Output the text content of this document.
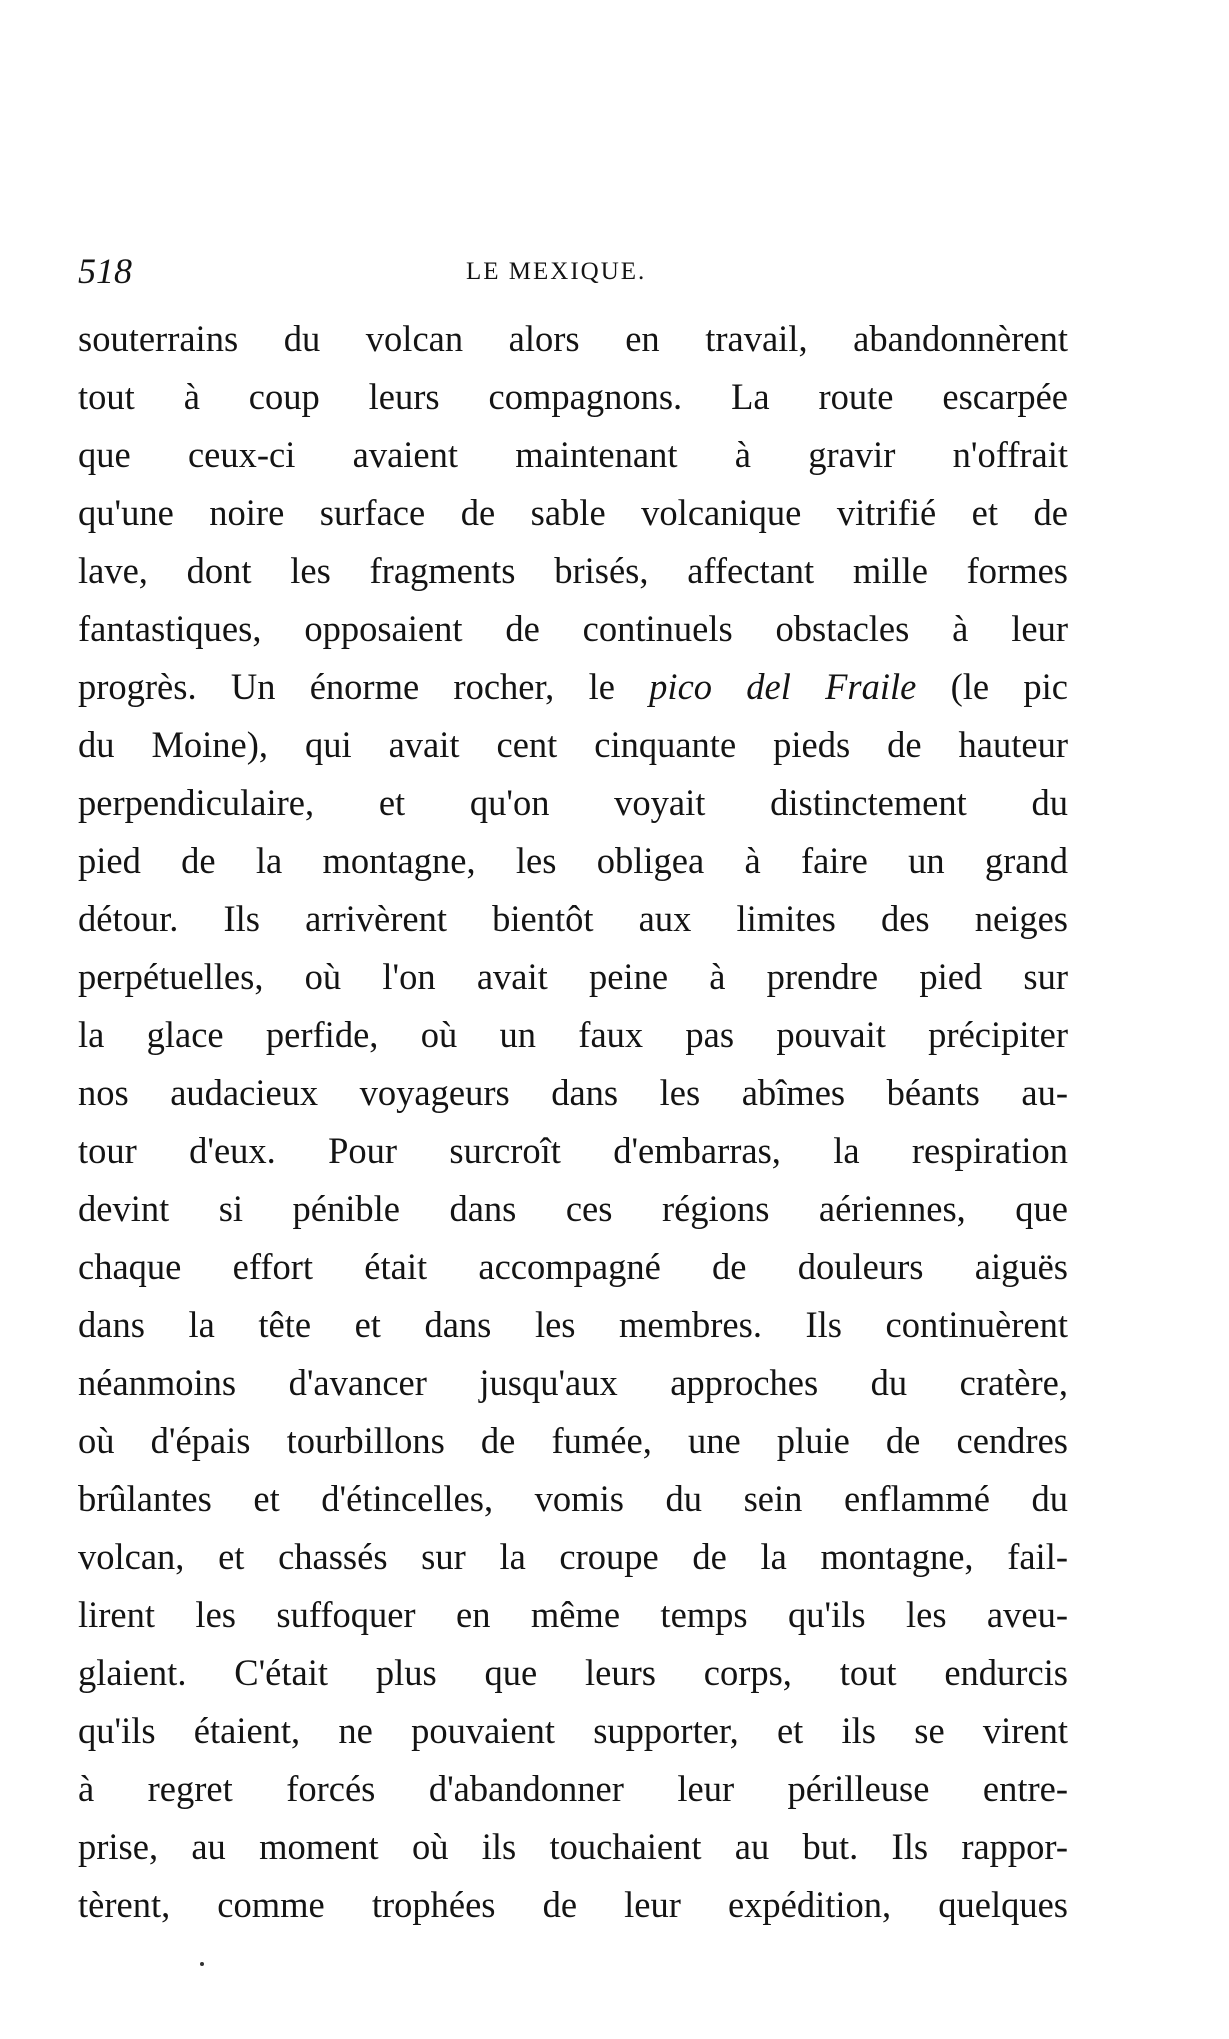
518	LE MEXIQUE.
souterrains du volcan alors en travail, abandonnèrent
tout à coup leurs compagnons. La route escarpée
que ceux-ci avaient maintenant à gravir n'offrait
qu'une noire surface de sable volcanique vitrifié et de
lave, dont les fragments brisés, affectant mille formes
fantastiques, opposaient de continuels obstacles à leur
progrès. Un énorme rocher, le pico del Fraile (le pic
du Moine), qui avait cent cinquante pieds de hauteur
perpendiculaire, et qu'on voyait distinctement du
pied de la montagne, les obligea à faire un grand
détour. Ils arrivèrent bientôt aux limites des neiges
perpétuelles, où l'on avait peine à prendre pied sur
la glace perfide, où un faux pas pouvait précipiter
nos audacieux voyageurs dans les abîmes béants au-
tour d'eux. Pour surcroît d'embarras, la respiration
devint si pénible dans ces régions aériennes, que
chaque effort était accompagné de douleurs aiguës
dans la tête et dans les membres. Ils continuèrent
néanmoins d'avancer jusqu'aux approches du cratère,
où d'épais tourbillons de fumée, une pluie de cendres
brûlantes et d'étincelles, vomis du sein enflammé du
volcan, et chassés sur la croupe de la montagne, fail-
lirent les suffoquer en même temps qu'ils les aveu-
glaient. C'était plus que leurs corps, tout endurcis
qu'ils étaient, ne pouvaient supporter, et ils se virent
à regret forcés d'abandonner leur périlleuse entre-
prise, au moment où ils touchaient au but. Ils rappor-
tèrent, comme trophées de leur expédition, quelques
